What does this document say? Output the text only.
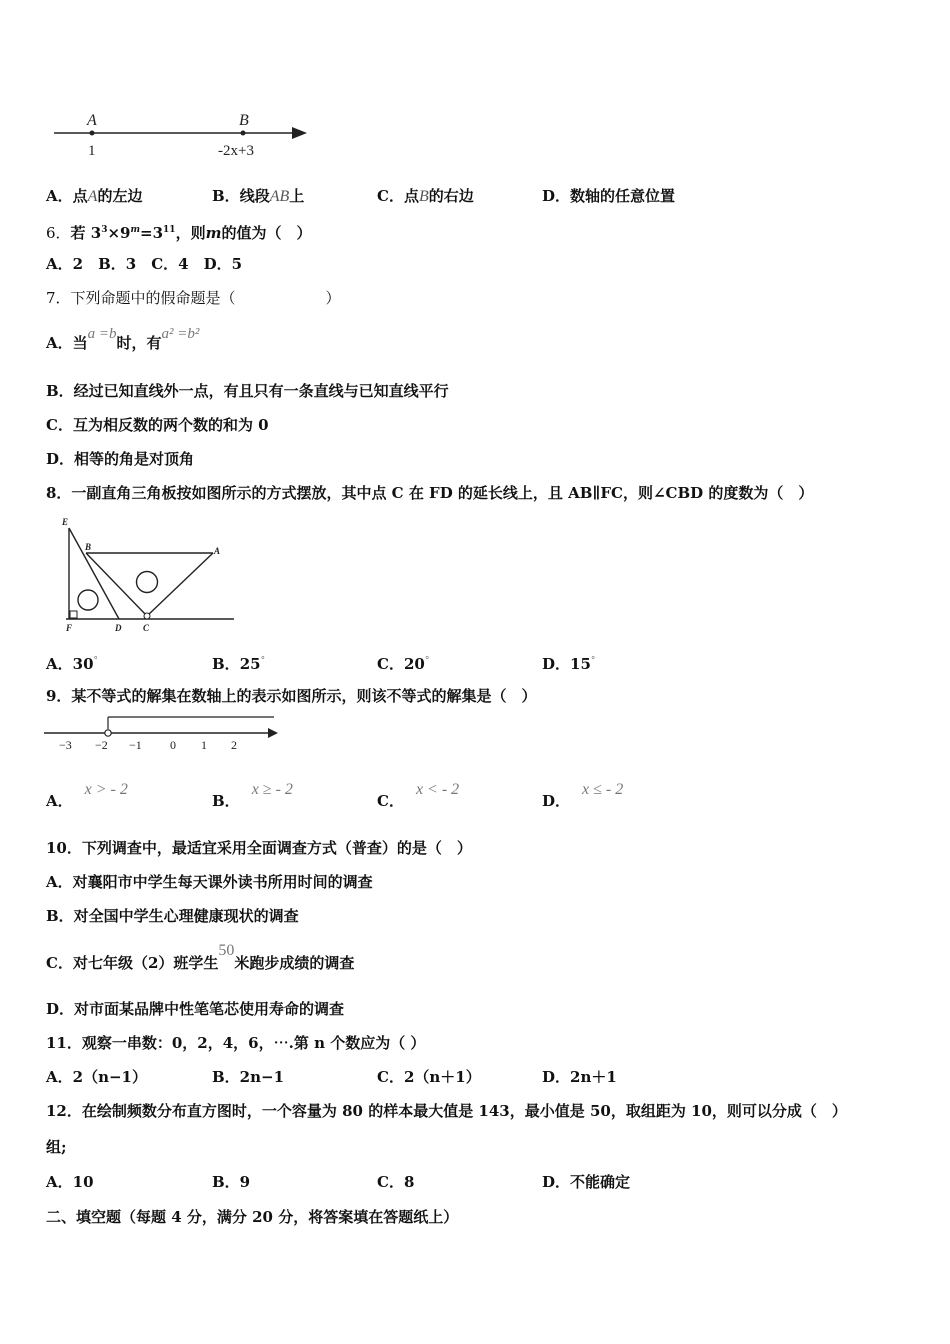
A	B
1	-2x+3
A．点A的左边	B．线段AB上	C．点B的右边	D．数轴的任意位置
6．若 $3^3\times 9^m=3^{11}$，则m的值为（　）
A．2　B．3　C．4　D．5
7．下列命题中的假命题是（　　　　　　）
A．当a =b时，有a² =b²
B．经过已知直线外一点，有且只有一条直线与已知直线平行
C．互为相反数的两个数的和为 0
D．相等的角是对顶角
8．一副直角三角板按如图所示的方式摆放，其中点 C 在 FD 的延长线上，且 AB∥FC，则∠CBD 的度数为（　）
E
B	A
F	D C
A．30°	B．25°	C．20°	D．15°
9．某不等式的解集在数轴上的表示如图所示，则该不等式的解集是（　）
−3 −2 −1 0 1 2
A．x > - 2
B．x ≥ - 2
C．x < - 2
D．x ≤ - 2
10．下列调查中，最适宜采用全面调查方式（普查）的是（　）
A．对襄阳市中学生每天课外读书所用时间的调查
B．对全国中学生心理健康现状的调查
C．对七年级（2）班学生50米跑步成绩的调查
D．对市面某品牌中性笔笔芯使用寿命的调查
11．观察一串数：0，2，4，6，⋯.第 n 个数应为（ ）
A．2（n−1）	B．2n−1	C．2（n＋1）	D．2n＋1
12．在绘制频数分布直方图时，一个容量为 80 的样本最大值是 143，最小值是 50，取组距为 10，则可以分成（　）
组;
A．10	B．9	C．8	D．不能确定
二、填空题（每题 4 分，满分 20 分，将答案填在答题纸上）
